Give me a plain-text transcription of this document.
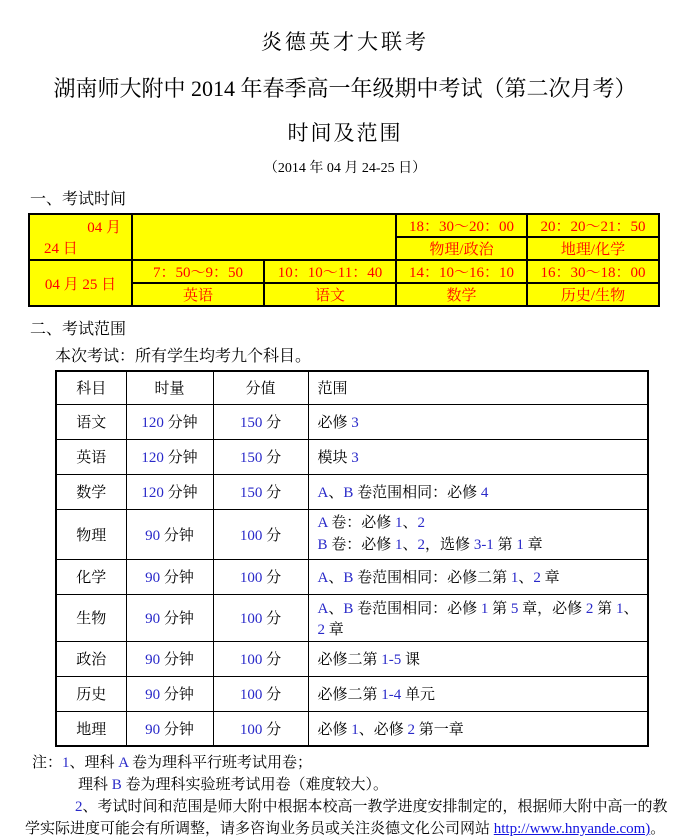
炎德英才大联考
湖南师大附中 2014 年春季高一年级期中考试（第二次月考）
时间及范围
（2014 年 04 月 24-25 日）
一、考试时间
04 月
24 日			18：30～20：00	20：20～21：50
			物理/政治	地理/化学
04 月 25 日	7：50～9：50	10：10～11：40	14：10～16：10	16：30～18：00
	英语	语文	数学	历史/生物
二、考试范围
本次考试：所有学生均考九个科目。
科目	时量	分值	范围
语文	120 分钟	150 分	必修 3
英语	120 分钟	150 分	模块 3
数学	120 分钟	150 分	A、B 卷范围相同：必修 4
物理	90 分钟	100 分	A 卷：必修 1、2
B 卷：必修 1、2，选修 3-1 第 1 章

化学	90 分钟	100 分	A、B 卷范围相同：必修二第 1、2 章
生物	90 分钟	100 分	A、B 卷范围相同：必修 1 第 5 章，必修 2 第 1、2 章
政治	90 分钟	100 分	必修二第 1-5 课
历史	90 分钟	100 分	必修二第 1-4 单元
地理	90 分钟	100 分	必修 1、必修 2 第一章
注：1、理科 A 卷为理科平行班考试用卷；
理科 B 卷为理科实验班考试用卷（难度较大）。
2、考试时间和范围是师大附中根据本校高一教学进度安排制定的，根据师大附中高一的教
学实际进度可能会有所调整，请多咨询业务员或关注炎德文化公司网站 http://www.hnyande.com)。
